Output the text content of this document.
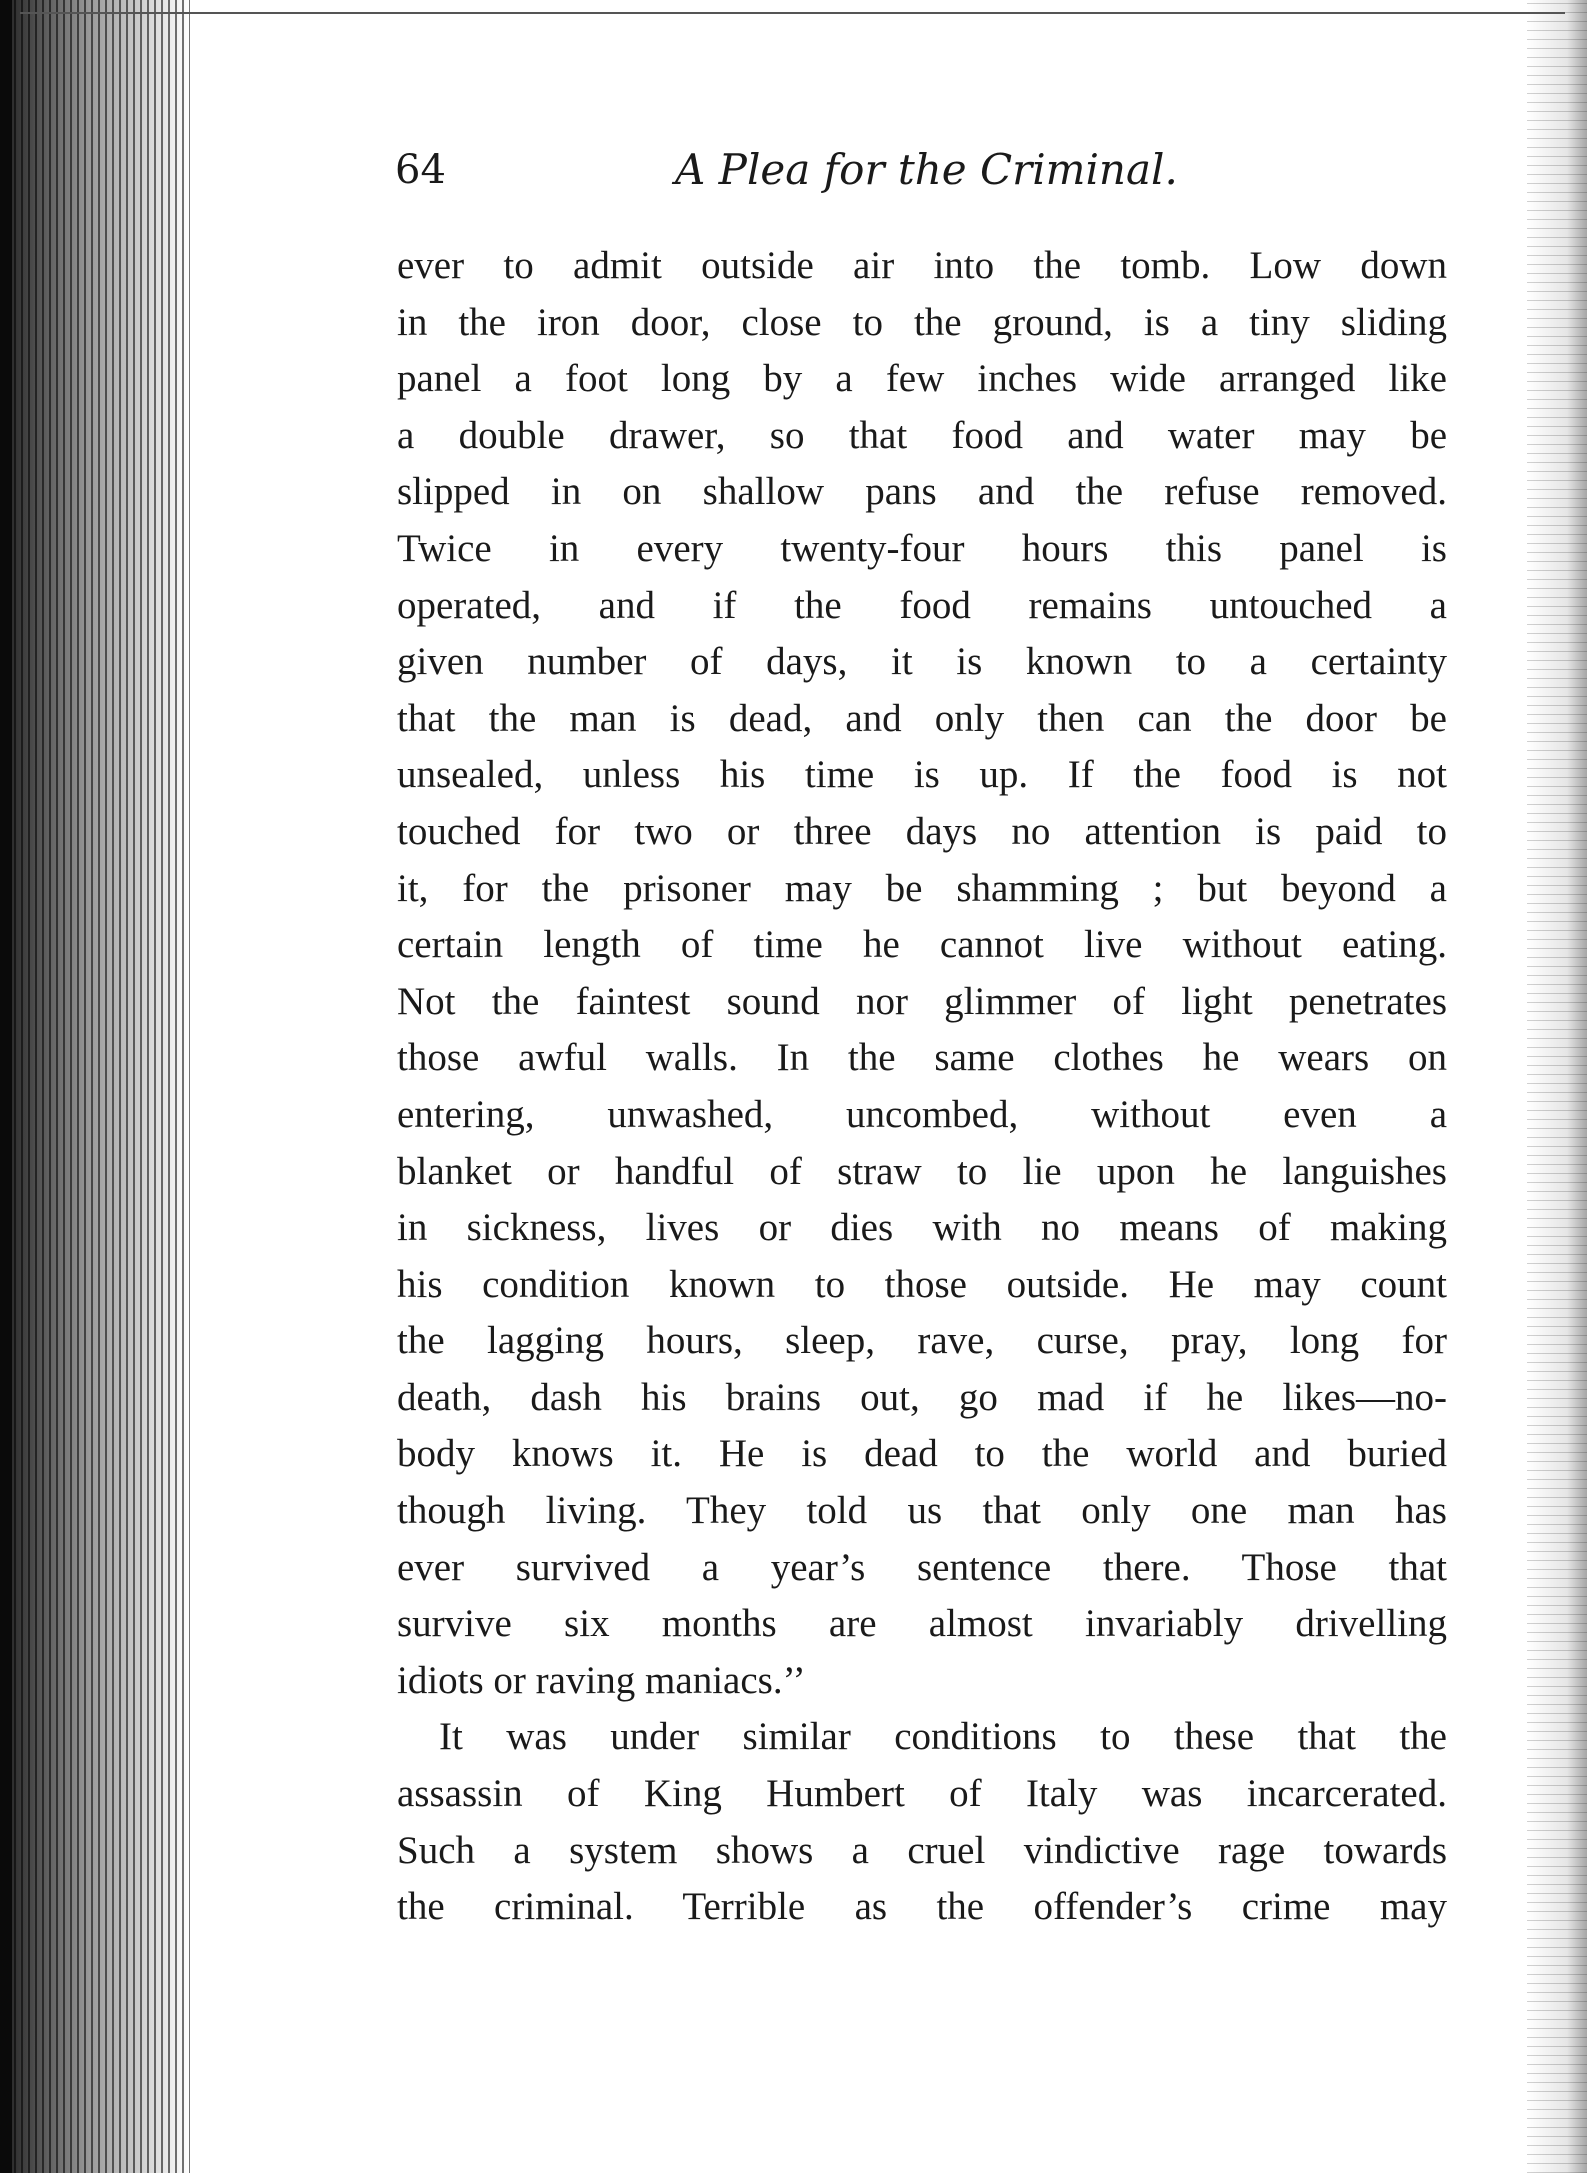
64	A Plea for the Criminal.
ever to admit outside air into the tomb. Low down
in the iron door, close to the ground, is a tiny sliding
panel a foot long by a few inches wide arranged like
a double drawer, so that food and water may be
slipped in on shallow pans and the refuse removed.
Twice in every twenty-four hours this panel is
operated, and if the food remains untouched a
given number of days, it is known to a certainty
that the man is dead, and only then can the door be
unsealed, unless his time is up. If the food is not
touched for two or three days no attention is paid to
it, for the prisoner may be shamming ; but beyond a
certain length of time he cannot live without eating.
Not the faintest sound nor glimmer of light penetrates
those awful walls. In the same clothes he wears on
entering, unwashed, uncombed, without even a
blanket or handful of straw to lie upon he languishes
in sickness, lives or dies with no means of making
his condition known to those outside. He may count
the lagging hours, sleep, rave, curse, pray, long for
death, dash his brains out, go mad if he likes—no-
body knows it. He is dead to the world and buried
though living. They told us that only one man has
ever survived a year’s sentence there. Those that
survive six months are almost invariably drivelling
idiots or raving maniacs.’’
It was under similar conditions to these that the
assassin of King Humbert of Italy was incarcerated.
Such a system shows a cruel vindictive rage towards
the criminal. Terrible as the offender’s crime may
